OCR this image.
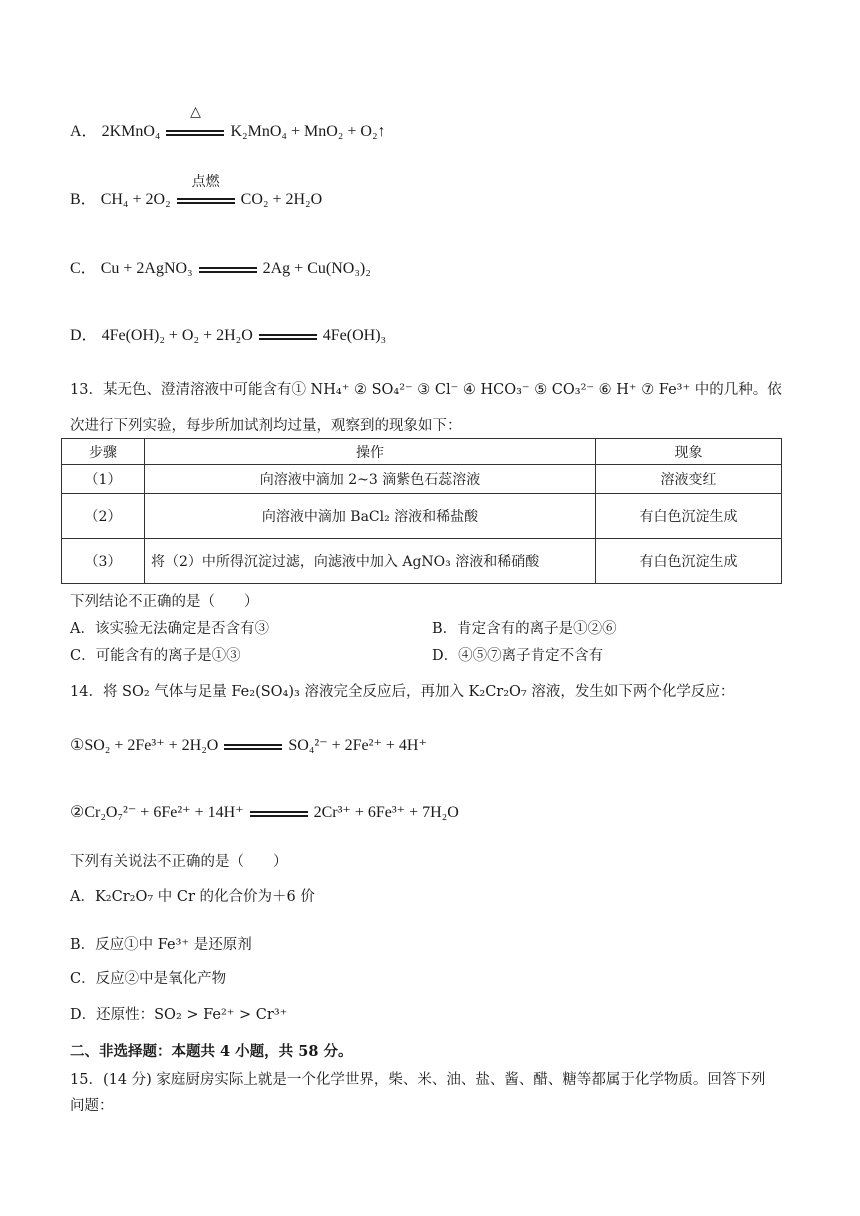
A． 2KMnO₄
△
K₂MnO₄ + MnO₂ + O₂↑
B． CH₄ + 2O₂
点燃
CO₂ + 2H₂O
C． Cu + 2AgNO₃	2Ag + Cu(NO₃)₂
D． 4Fe(OH)₂ + O₂ + 2H₂O	4Fe(OH)₃
13．某无色、澄清溶液中可能含有① NH₄⁺ ② SO₄²⁻ ③ Cl⁻ ④ HCO₃⁻ ⑤ CO₃²⁻ ⑥ H⁺ ⑦ Fe³⁺ 中的几种。依
次进行下列实验，每步所加试剂均过量，观察到的现象如下：
步骤	操作	现象
（1）	向溶液中滴加 2~3 滴紫色石蕊溶液	溶液变红
（2）	向溶液中滴加 BaCl₂ 溶液和稀盐酸	有白色沉淀生成
（3）	将（2）中所得沉淀过滤，向滤液中加入 AgNO₃ 溶液和稀硝酸	有白色沉淀生成
下列结论不正确的是（　　）
A．该实验无法确定是否含有③	B．肯定含有的离子是①②⑥
C．可能含有的离子是①③	D．④⑤⑦离子肯定不含有
14．将 SO₂ 气体与足量 Fe₂(SO₄)₃ 溶液完全反应后，再加入 K₂Cr₂O₇ 溶液，发生如下两个化学反应：
①SO₂ + 2Fe³⁺ + 2H₂O	SO₄²⁻ + 2Fe²⁺ + 4H⁺
②Cr₂O₇²⁻ + 6Fe²⁺ + 14H⁺	2Cr³⁺ + 6Fe³⁺ + 7H₂O
下列有关说法不正确的是（　　）
A．K₂Cr₂O₇ 中 Cr 的化合价为＋6 价
B．反应①中 Fe³⁺ 是还原剂
C．反应②中是氧化产物
D．还原性：SO₂ > Fe²⁺ > Cr³⁺
二、非选择题：本题共 4 小题，共 58 分。
15．(14 分) 家庭厨房实际上就是一个化学世界，柴、米、油、盐、酱、醋、糖等都属于化学物质。回答下列
问题：
